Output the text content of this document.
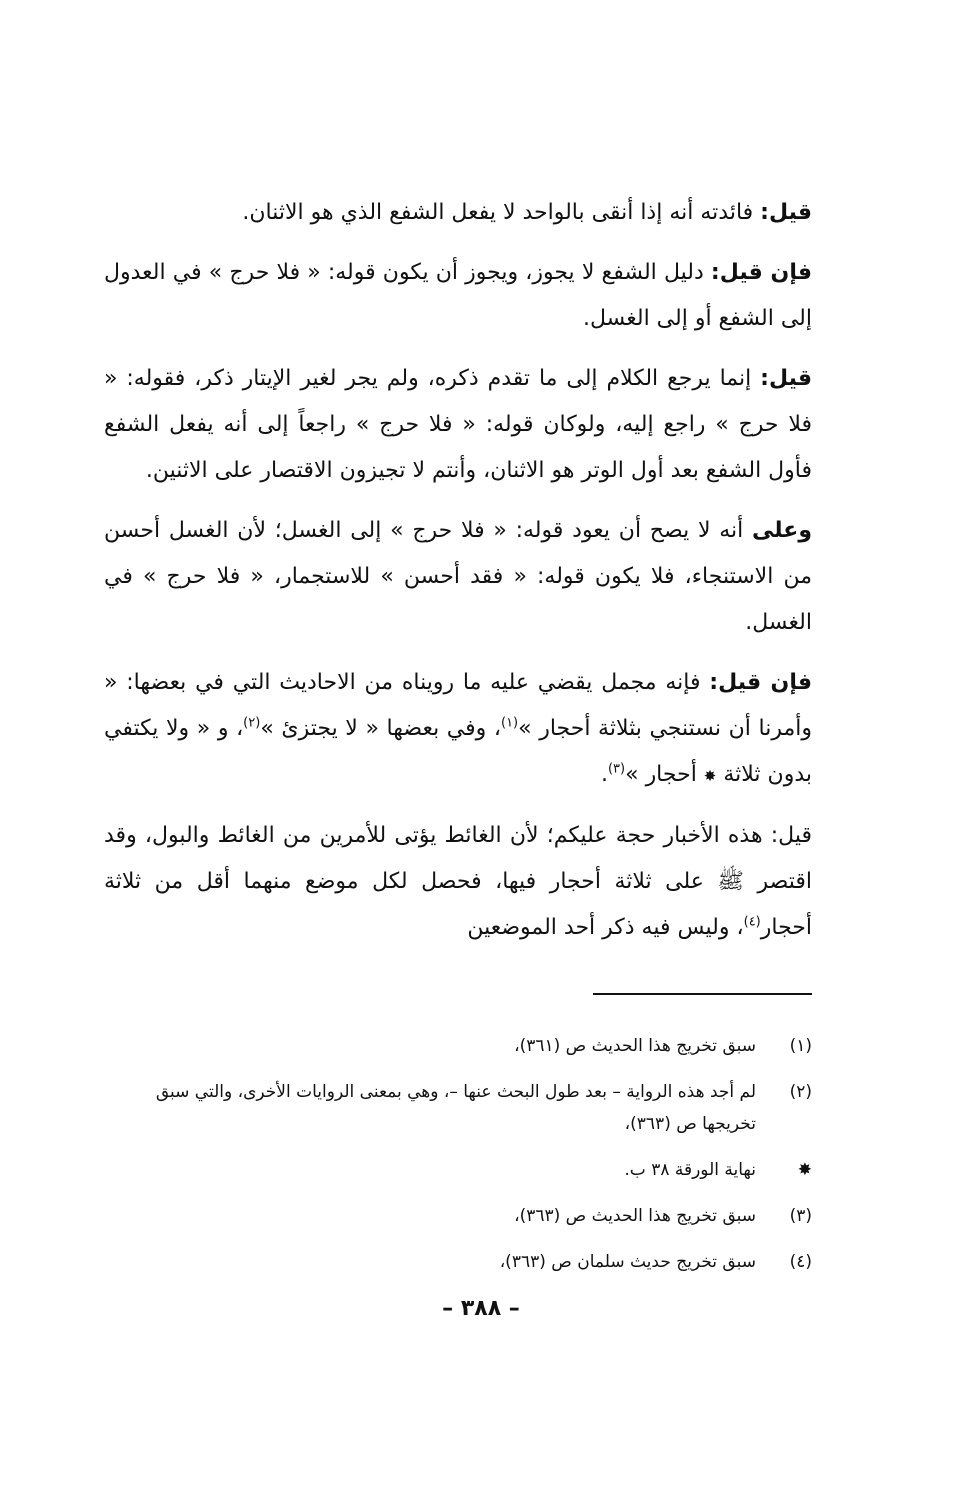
قيل: فائدته أنه إذا أنقى بالواحد لا يفعل الشفع الذي هو الاثنان.

فإن قيل: دليل الشفع لا يجوز، ويجوز أن يكون قوله: « فلا حرج » في العدول إلى الشفع أو إلى الغسل.

قيل: إنما يرجع الكلام إلى ما تقدم ذكره، ولم يجر لغير الإيتار ذكر، فقوله: « فلا حرج » راجع إليه، ولوكان قوله: « فلا حرج » راجعاً إلى أنه يفعل الشفع فأول الشفع بعد أول الوتر هو الاثنان، وأنتم لا تجيزون الاقتصار على الاثنين.

وعلى أنه لا يصح أن يعود قوله: « فلا حرج » إلى الغسل؛ لأن الغسل أحسن من الاستنجاء، فلا يكون قوله: « فقد أحسن » للاستجمار، « فلا حرج » في الغسل.

فإن قيل: فإنه مجمل يقضي عليه ما رويناه من الاحاديث التي في بعضها: « وأمرنا أن نستنجي بثلاثة أحجار »$^{(١)}$، وفي بعضها « لا يجتزئ »$^{(٢)}$، و « ولا يكتفي بدون ثلاثة ✸ أحجار »$^{(٣)}$.

قيل: هذه الأخبار حجة عليكم؛ لأن الغائط يؤتى للأمرين من الغائط والبول، وقد اقتصر ﷺ على ثلاثة أحجار فيها، فحصل لكل موضع منهما أقل من ثلاثة أحجار$^{(٤)}$، وليس فيه ذكر أحد الموضعين

(١)
سبق تخريج هذا الحديث ص (٣٦١)،
(٢)
لم أجد هذه الرواية – بعد طول البحث عنها –، وهي بمعنى الروايات الأخرى، والتي سبق تخريجها ص (٣٦٣)،
✸
نهاية الورقة ٣٨ ب.
(٣)
سبق تخريج هذا الحديث ص (٣٦٣)،
(٤)
سبق تخريج حديث سلمان ص (٣٦٣)،
– ٣٨٨ –
